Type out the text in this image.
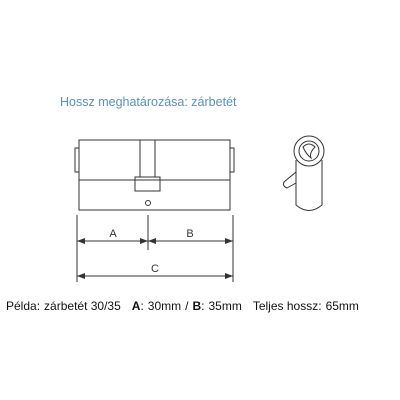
Hossz meghatározása: zárbetét
A	B
C
Példa: zárbetét 30/35 A: 30mm / B: 35mm Teljes hossz: 65mm
